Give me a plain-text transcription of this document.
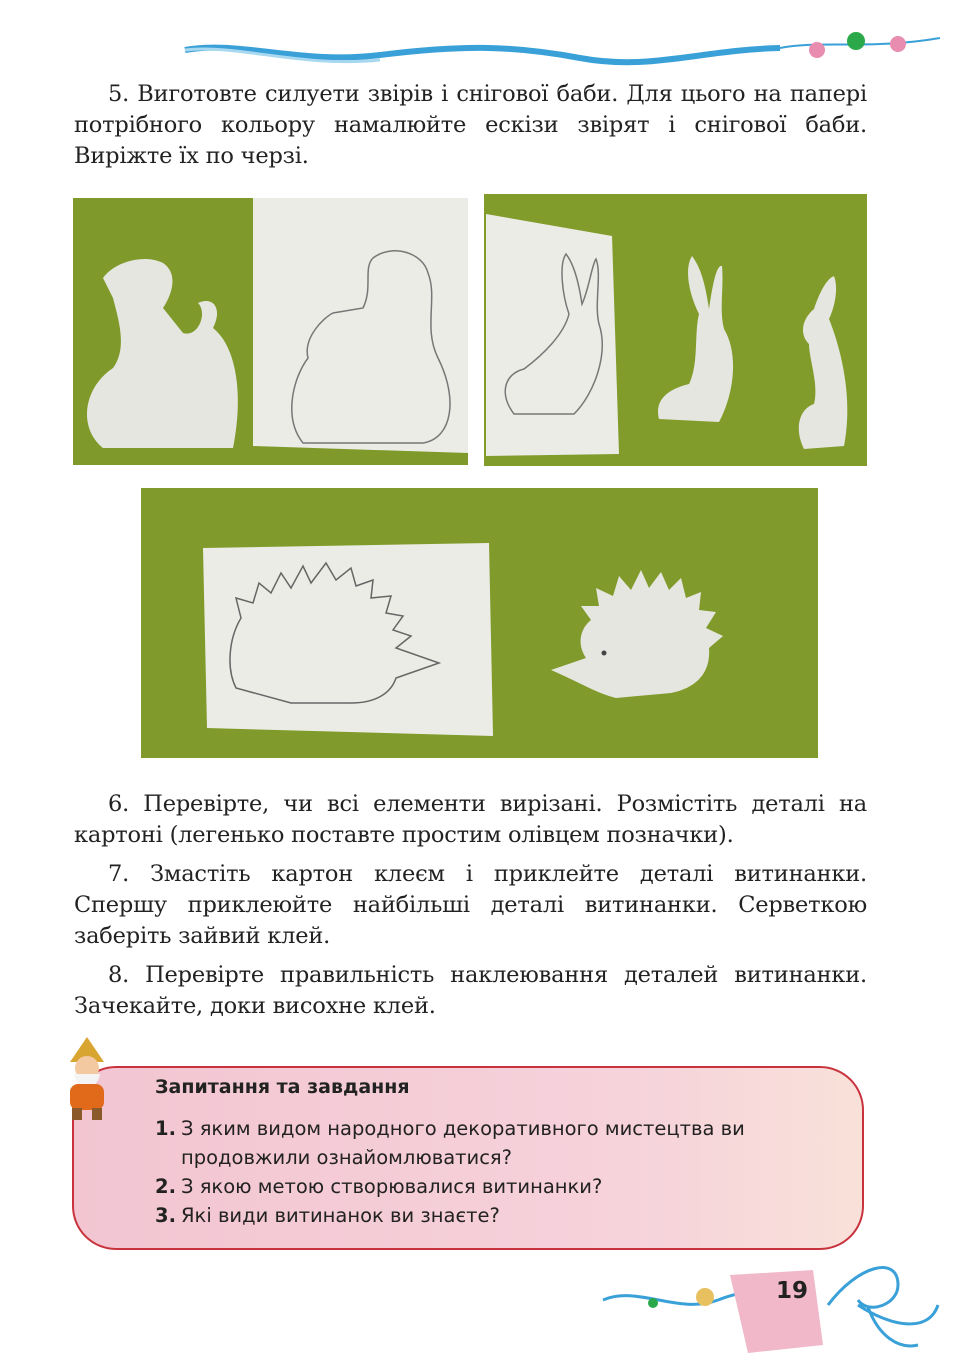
5. Виготовте силуети звірів і снігової баби. Для цього на папері потрібного кольору намалюйте ескізи звірят і снігової баби. Виріжте їх по черзі.

6. Перевірте, чи всі елементи вирізані. Розмістіть деталі на картоні (легенько поставте простим олівцем позначки).

7. Змастіть картон клеєм і приклейте деталі витинанки. Спершу приклеюйте найбільші деталі витинанки. Серветкою заберіть зайвий клей.

8. Перевірте правильність наклеювання деталей витинанки. Зачекайте, доки висохне клей.

Запитання та завдання
1. З яким видом народного декоративного мистецтва ви продовжили ознайомлюватися?
2. З якою метою створювалися витинанки?
3. Які види витинанок ви знаєте?
19
